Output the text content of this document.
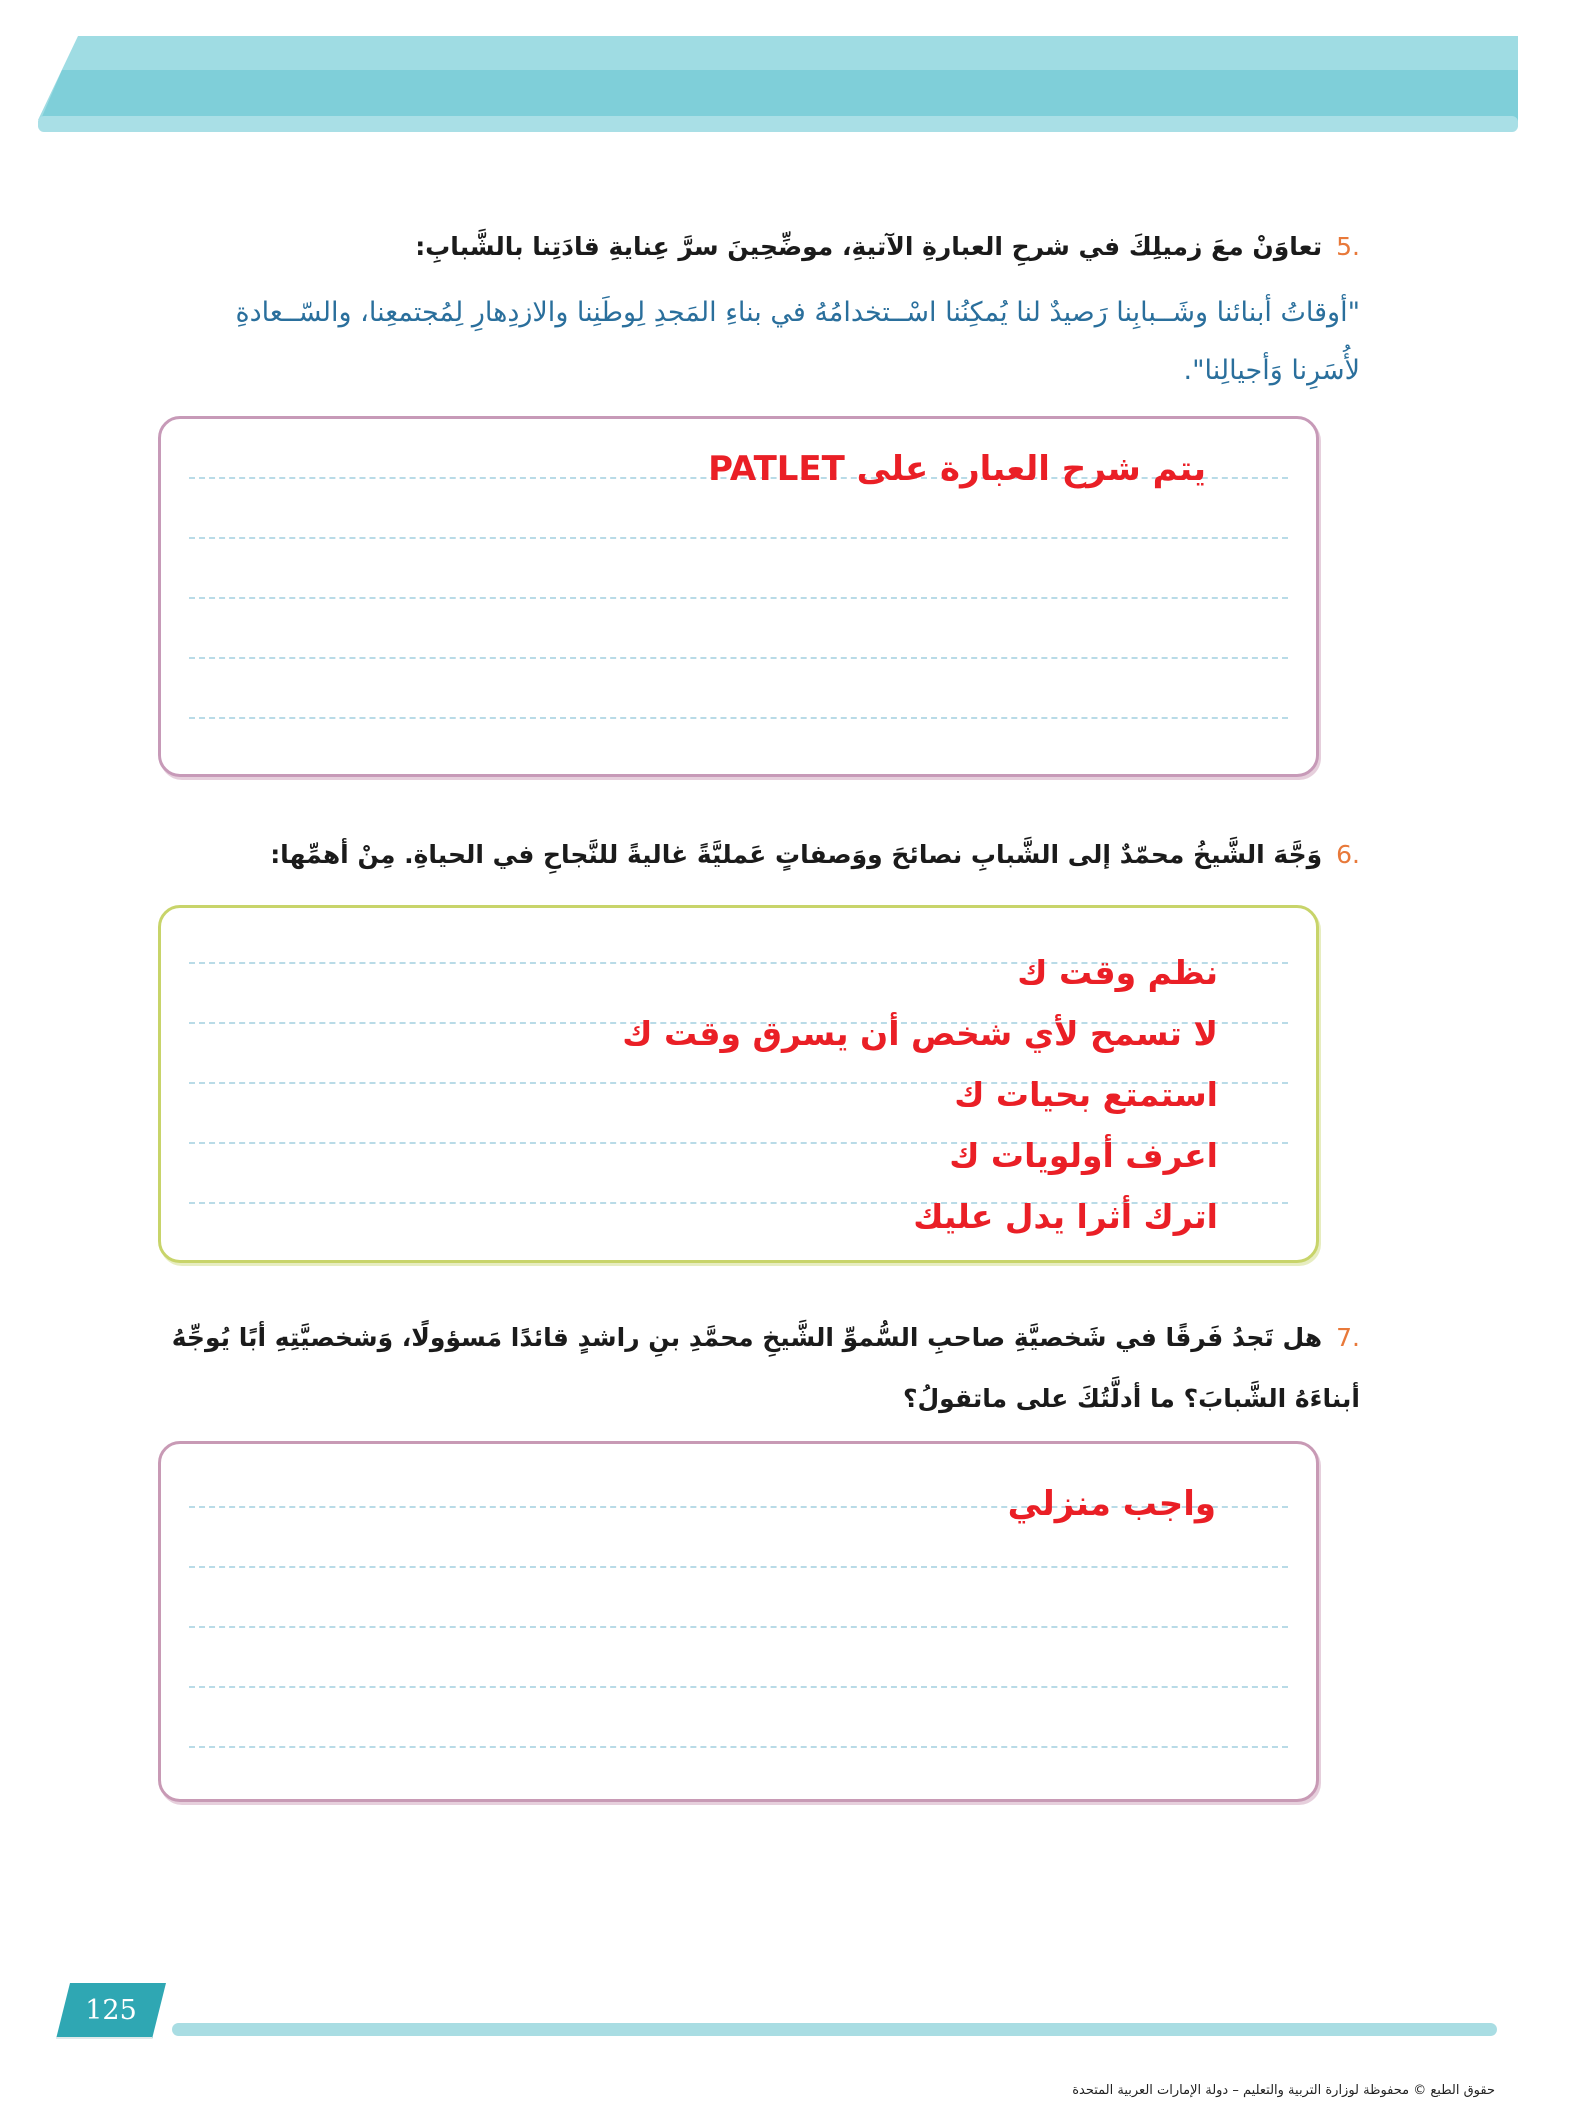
.5تعاوَنْ معَ زميلِكَ في شرحِ العبارةِ الآتيةِ، موضِّحِينَ سرَّ عِنايةِ قادَتِنا بالشَّبابِ:
"أوقاتُ أبنائنا وشَــبابِنا رَصيدٌ لنا يُمكِنُنا اسْــتخدامُهُ في بناءِ المَجدِ لِوطَنِنا والازدِهارِ لِمُجتمعِنا، والسّــعادةِ
لأُسَرِنا وَأجيالِنا".
يتم شرح العبارة على PATLET
.6وَجَّهَ الشَّيخُ محمّدٌ إلى الشَّبابِ نصائحَ ووَصفاتٍ عَمليَّةً غاليةً للنَّجاحِ في الحياةِ. مِنْ أهمِّها:
نظم وقت ك
لا تسمح لأي شخص أن يسرق وقت ك
استمتع بحيات ك
اعرف أولويات ك
اترك أثرا يدل عليك
.7هل تَجدُ فَرقًا في شَخصيَّةِ صاحبِ السُّموِّ الشَّيخِ محمَّدِ بنِ راشدٍ قائدًا مَسؤولًا، وَشخصيَّتِهِ أبًا يُوجِّهُ
أبناءَهُ الشَّبابَ؟ ما أدلَّتُكَ على ماتقولُ؟
واجب منزلي
125
حقوق الطبع © محفوظة لوزارة التربية والتعليم – دولة الإمارات العربية المتحدة
